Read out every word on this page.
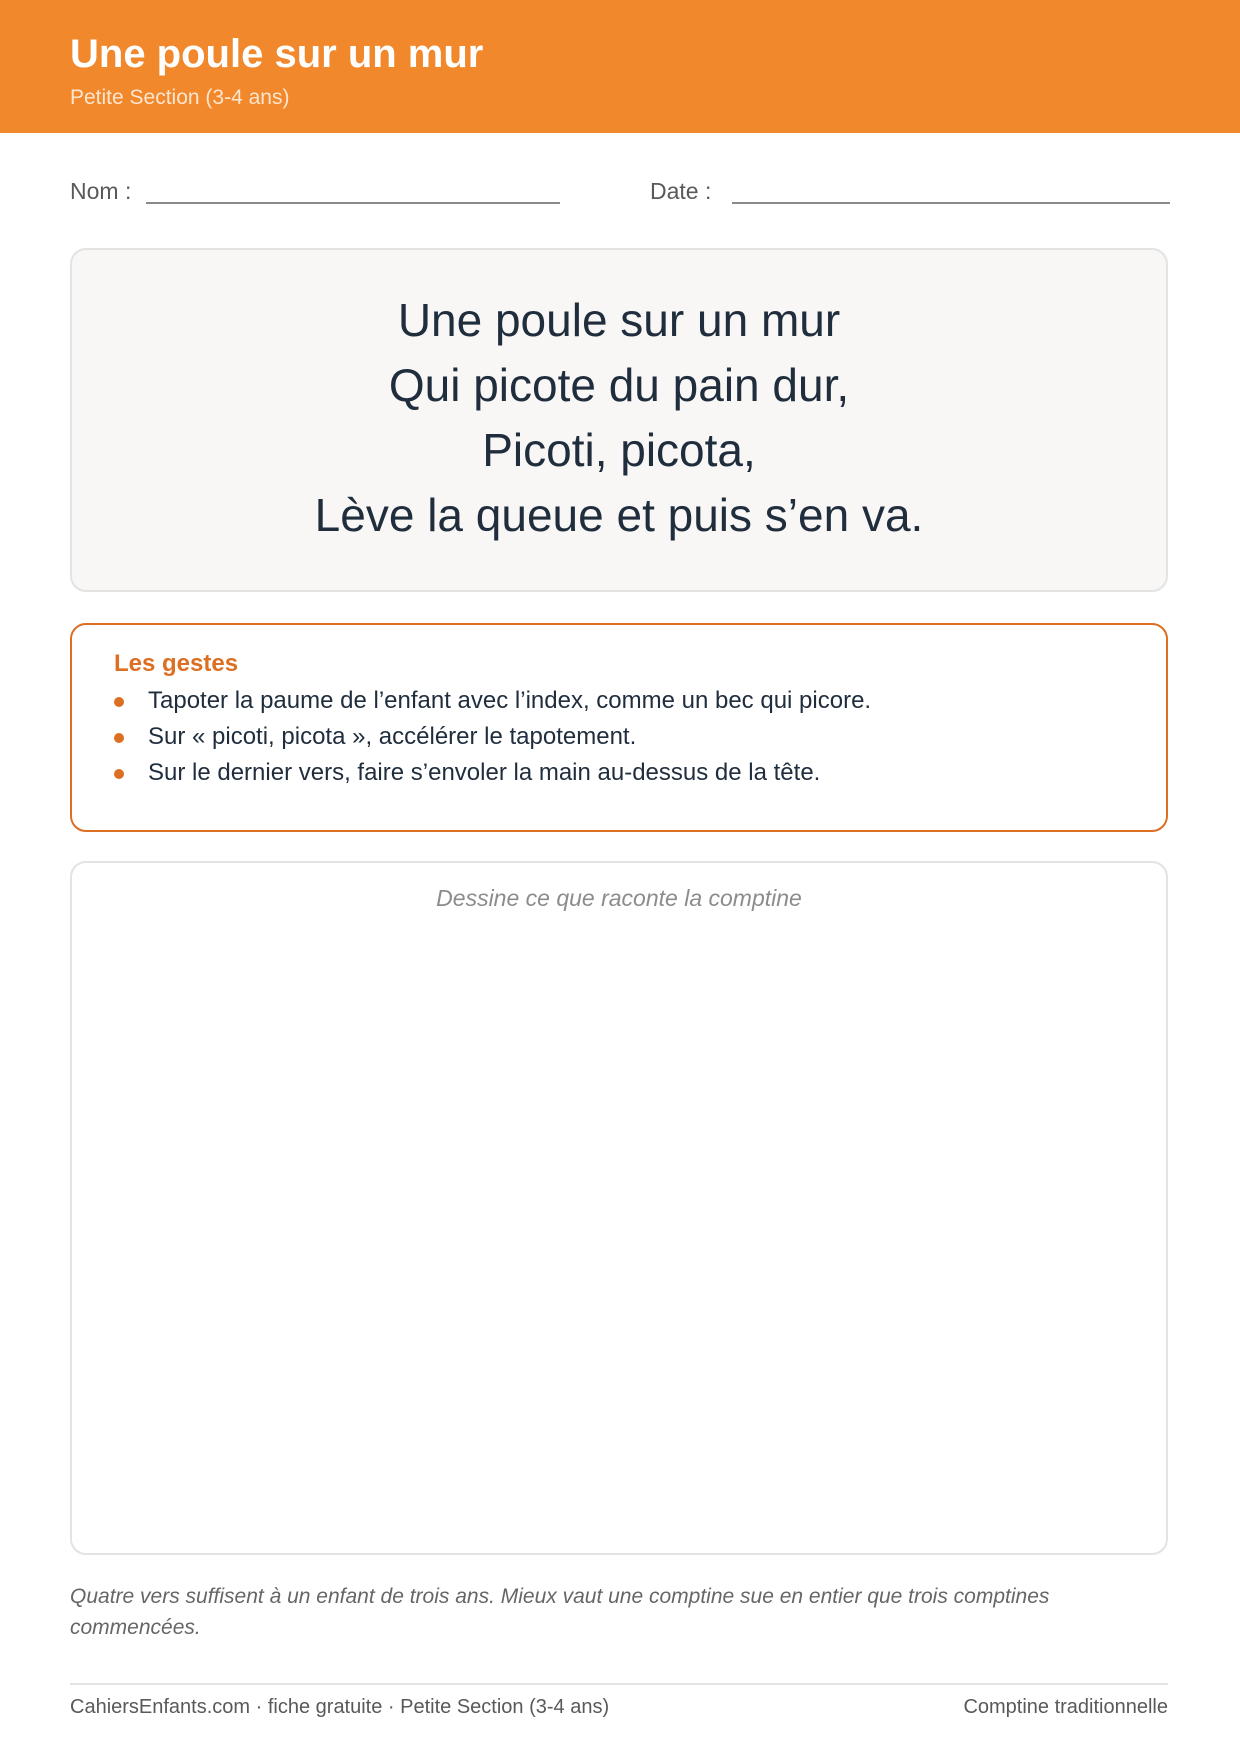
Une poule sur un mur
Petite Section (3-4 ans)
Nom :	Date :
Une poule sur un mur
Qui picote du pain dur,
Picoti, picota,
Lève la queue et puis s’en va.
Les gestes
Tapoter la paume de l’enfant avec l’index, comme un bec qui picore.
Sur « picoti, picota », accélérer le tapotement.
Sur le dernier vers, faire s’envoler la main au-dessus de la tête.
Dessine ce que raconte la comptine
Quatre vers suffisent à un enfant de trois ans. Mieux vaut une comptine sue en entier que trois comptines commencées.
CahiersEnfants.com · fiche gratuite · Petite Section (3-4 ans)	Comptine traditionnelle
